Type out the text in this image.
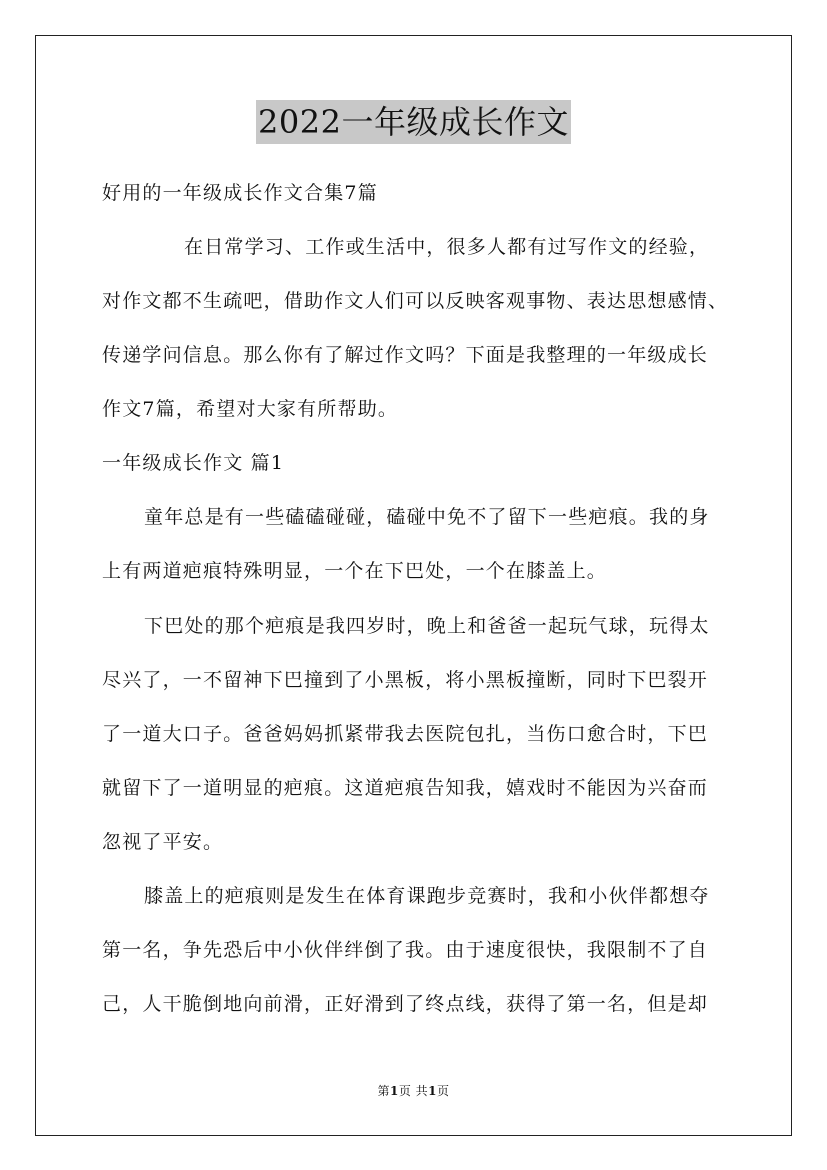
2022一年级成长作文
好用的一年级成长作文合集7篇
在日常学习、工作或生活中，很多人都有过写作文的经验，
对作文都不生疏吧，借助作文人们可以反映客观事物、表达思想感情、
传递学问信息。那么你有了解过作文吗？下面是我整理的一年级成长
作文7篇，希望对大家有所帮助。
一年级成长作文 篇1
童年总是有一些磕磕碰碰，磕碰中免不了留下一些疤痕。我的身
上有两道疤痕特殊明显，一个在下巴处，一个在膝盖上。
下巴处的那个疤痕是我四岁时，晚上和爸爸一起玩气球，玩得太
尽兴了，一不留神下巴撞到了小黑板，将小黑板撞断，同时下巴裂开
了一道大口子。爸爸妈妈抓紧带我去医院包扎，当伤口愈合时，下巴
就留下了一道明显的疤痕。这道疤痕告知我，嬉戏时不能因为兴奋而
忽视了平安。
膝盖上的疤痕则是发生在体育课跑步竞赛时，我和小伙伴都想夺
第一名，争先恐后中小伙伴绊倒了我。由于速度很快，我限制不了自
己，人干脆倒地向前滑，正好滑到了终点线，获得了第一名，但是却
第1页 共1页
